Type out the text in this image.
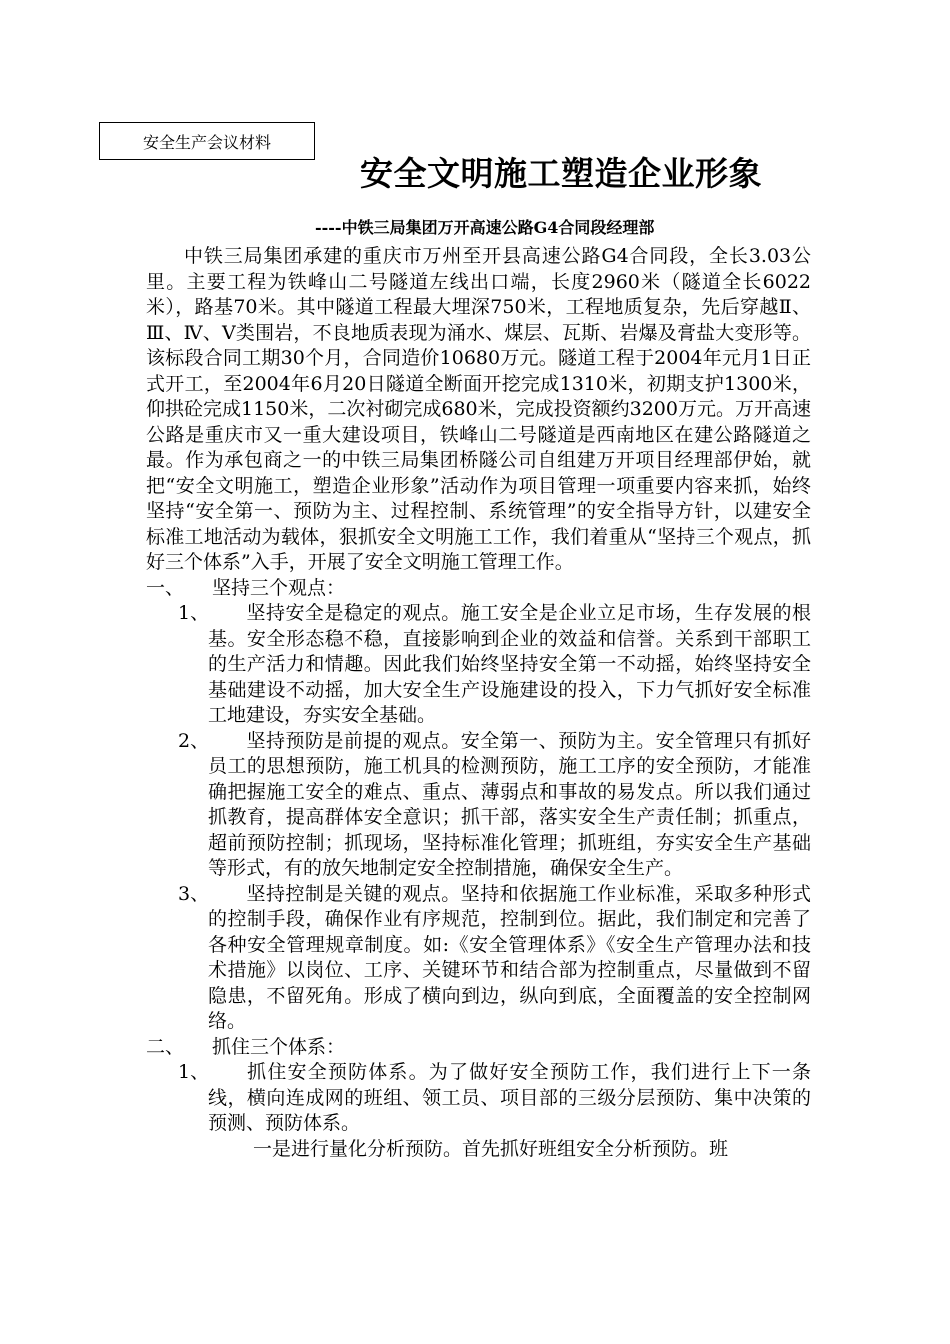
安全生产会议材料
安全文明施工塑造企业形象
----中铁三局集团万开高速公路G4合同段经理部

中铁三局集团承建的重庆市万州至开县高速公路G4合同段，全长3.03公里。主要工程为铁峰山二号隧道左线出口端，长度2960米（隧道全长6022米），路基70米。其中隧道工程最大埋深750米，工程地质复杂，先后穿越Ⅱ、Ⅲ、Ⅳ、Ⅴ类围岩，不良地质表现为涌水、煤层、瓦斯、岩爆及膏盐大变形等。该标段合同工期30个月，合同造价10680万元。隧道工程于2004年元月1日正式开工，至2004年6月20日隧道全断面开挖完成1310米，初期支护1300米，仰拱砼完成1150米，二次衬砌完成680米，完成投资额约3200万元。万开高速公路是重庆市又一重大建设项目，铁峰山二号隧道是西南地区在建公路隧道之最。作为承包商之一的中铁三局集团桥隧公司自组建万开项目经理部伊始，就把“安全文明施工，塑造企业形象”活动作为项目管理一项重要内容来抓，始终坚持“安全第一、预防为主、过程控制、系统管理”的安全指导方针，以建安全标准工地活动为载体，狠抓安全文明施工工作，我们着重从“坚持三个观点，抓好三个体系”入手，开展了安全文明施工管理工作。

一、 坚持三个观点：

1、 坚持安全是稳定的观点。施工安全是企业立足市场，生存发展的根基。安全形态稳不稳，直接影响到企业的效益和信誉。关系到干部职工的生产活力和情趣。因此我们始终坚持安全第一不动摇，始终坚持安全基础建设不动摇，加大安全生产设施建设的投入，下力气抓好安全标准工地建设，夯实安全基础。
2、 坚持预防是前提的观点。安全第一、预防为主。安全管理只有抓好员工的思想预防，施工机具的检测预防，施工工序的安全预防，才能准确把握施工安全的难点、重点、薄弱点和事故的易发点。所以我们通过抓教育，提高群体安全意识；抓干部，落实安全生产责任制；抓重点，超前预防控制；抓现场，坚持标准化管理；抓班组，夯实安全生产基础等形式，有的放矢地制定安全控制措施，确保安全生产。
3、 坚持控制是关键的观点。坚持和依据施工作业标准，采取多种形式的控制手段，确保作业有序规范，控制到位。据此，我们制定和完善了各种安全管理规章制度。如:《安全管理体系》《安全生产管理办法和技术措施》以岗位、工序、关键环节和结合部为控制重点，尽量做到不留隐患，不留死角。形成了横向到边，纵向到底，全面覆盖的安全控制网络。

二、 抓住三个体系：

1、 抓住安全预防体系。为了做好安全预防工作，我们进行上下一条线，横向连成网的班组、领工员、项目部的三级分层预防、集中决策的预测、预防体系。

一是进行量化分析预防。首先抓好班组安全分析预防。班
